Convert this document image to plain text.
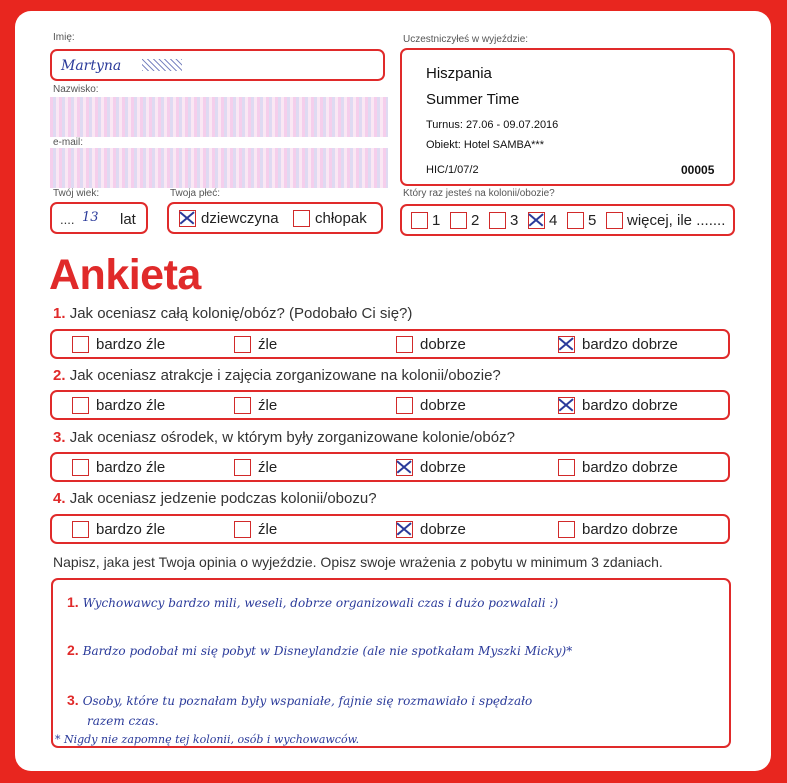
Imię:
Martyna
Nazwisko:
e-mail:
Twój wiek:
.... 13 lat
Twoja płeć:
dziewczyna chłopak
Uczestniczyłeś w wyjeździe:
Hiszpania
Summer Time
Turnus: 27.06 - 09.07.2016
Obiekt: Hotel SAMBA***
HIC/1/07/2	00005
Który raz jesteś na kolonii/obozie?
1 2 3 4 5 więcej, ile .......
Ankieta
1. Jak oceniasz całą kolonię/obóz? (Podobało Ci się?)
bardzo źle	źle	dobrze	bardzo dobrze
2. Jak oceniasz atrakcje i zajęcia zorganizowane na kolonii/obozie?
bardzo źle	źle	dobrze	bardzo dobrze
3. Jak oceniasz ośrodek, w którym były zorganizowane kolonie/obóz?
bardzo źle	źle	dobrze	bardzo dobrze
4. Jak oceniasz jedzenie podczas kolonii/obozu?
bardzo źle	źle	dobrze	bardzo dobrze
Napisz, jaka jest Twoja opinia o wyjeździe. Opisz swoje wrażenia z pobytu w minimum 3 zdaniach.
1. Wychowawcy bardzo mili, weseli, dobrze organizowali czas i dużo pozwalali :)
2. Bardzo podobał mi się pobyt w Disneylandzie (ale nie spotkałam Myszki Micky)*
3. Osoby, które tu poznałam były wspaniałe, fajnie się rozmawiało i spędzało
razem czas.
* Nigdy nie zapomnę tej kolonii, osób i wychowawców.
